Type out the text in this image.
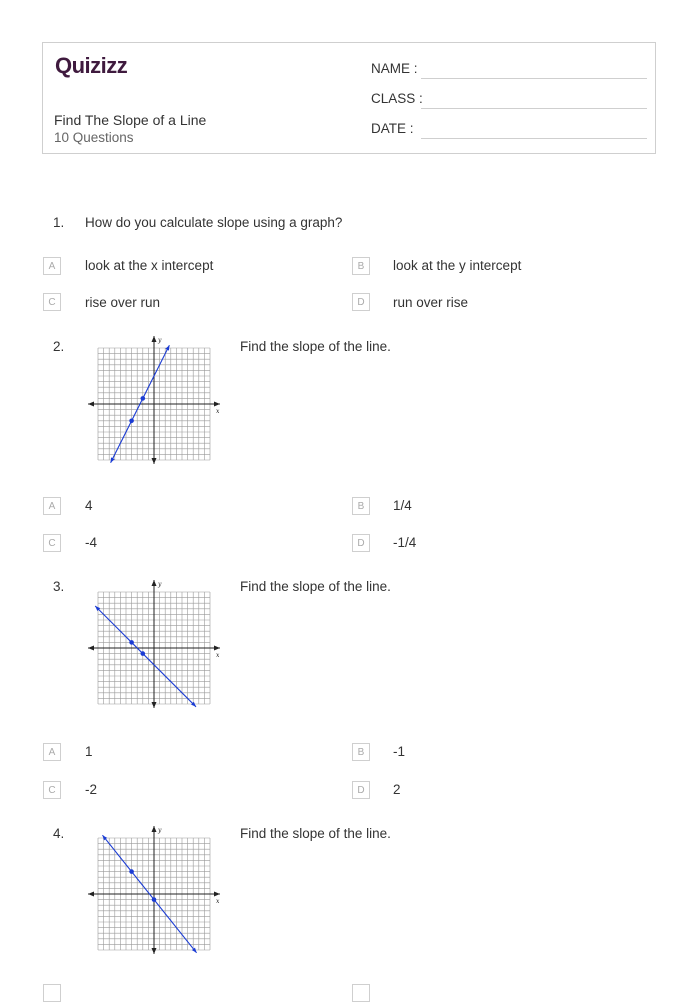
Quizizz
Find The Slope of a Line
10 Questions
NAME :
CLASS :
DATE :
1. How do you calculate slope using a graph?
A	look at the x intercept	B	look at the y intercept
C	rise over run	D	run over rise
2.
x
y	Find the slope of the line.
A	4	B	1/4
C	-4	D	-1/4
3.
x
y	Find the slope of the line.
A	1	B	-1
C	-2	D	2
4.
x
y	Find the slope of the line.
